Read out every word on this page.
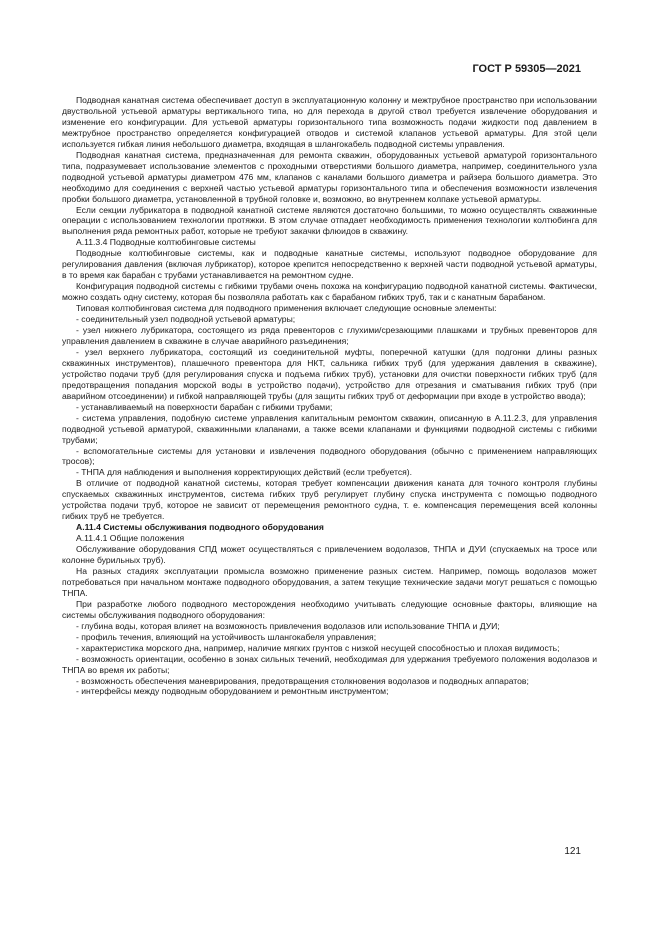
ГОСТ Р 59305—2021

Подводная канатная система обеспечивает доступ в эксплуатационную колонну и межтрубное пространство при использовании двуствольной устьевой арматуры вертикального типа, но для перехода в другой ствол требуется извлечение оборудования и изменение его конфигурации. Для устьевой арматуры горизонтального типа возможность подачи жидкости под давлением в межтрубное пространство определяется конфигурацией отводов и системой клапанов устьевой арматуры. Для этой цели используется гибкая линия небольшого диаметра, входящая в шлангокабель подводной системы управления.

Подводная канатная система, предназначенная для ремонта скважин, оборудованных устьевой арматурой горизонтального типа, подразумевает использование элементов с проходными отверстиями большого диаметра, например, соединительного узла подводной устьевой арматуры диаметром 476 мм, клапанов с каналами большого диаметра и райзера большого диаметра. Это необходимо для соединения с верхней частью устьевой арматуры горизонтального типа и обеспечения возможности извлечения пробки большого диаметра, установленной в трубной головке и, возможно, во внутреннем колпаке устьевой арматуры.

Если секции лубрикатора в подводной канатной системе являются достаточно большими, то можно осуществлять скважинные операции с использованием технологии протяжки. В этом случае отпадает необходимость применения технологии колтюбинга для выполнения ряда ремонтных работ, которые не требуют закачки флюидов в скважину.

А.11.3.4 Подводные колтюбинговые системы

Подводные колтюбинговые системы, как и подводные канатные системы, используют подводное оборудование для регулирования давления (включая лубрикатор), которое крепится непосредственно к верхней части подводной устьевой арматуры, в то время как барабан с трубами устанавливается на ремонтном судне.

Конфигурация подводной системы с гибкими трубами очень похожа на конфигурацию подводной канатной системы. Фактически, можно создать одну систему, которая бы позволяла работать как с барабаном гибких труб, так и с канатным барабаном.

Типовая колтюбинговая система для подводного применения включает следующие основные элементы:

- соединительный узел подводной устьевой арматуры;

- узел нижнего лубрикатора, состоящего из ряда превенторов с глухими/срезающими плашками и трубных превенторов для управления давлением в скважине в случае аварийного разъединения;

- узел верхнего лубрикатора, состоящий из соединительной муфты, поперечной катушки (для подгонки длины разных скважинных инструментов), плашечного превентора для НКТ, сальника гибких труб (для удержания давления в скважине), устройство подачи труб (для регулирования спуска и подъема гибких труб), установки для очистки поверхности гибких труб (для предотвращения попадания морской воды в устройство подачи), устройство для отрезания и сматывания гибких труб (при аварийном отсоединении) и гибкой направляющей трубы (для защиты гибких труб от деформации при входе в устройство ввода);

- устанавливаемый на поверхности барабан с гибкими трубами;

- система управления, подобную системе управления капитальным ремонтом скважин, описанную в А.11.2.3, для управления подводной устьевой арматурой, скважинными клапанами, а также всеми клапанами и функциями подводной системы с гибкими трубами;

- вспомогательные системы для установки и извлечения подводного оборудования (обычно с применением направляющих тросов);

- ТНПА для наблюдения и выполнения корректирующих действий (если требуется).

В отличие от подводной канатной системы, которая требует компенсации движения каната для точного контроля глубины спускаемых скважинных инструментов, система гибких труб регулирует глубину спуска инструмента с помощью подводного устройства подачи труб, которое не зависит от перемещения ремонтного судна, т. е. компенсация перемещения всей колонны гибких труб не требуется.

А.11.4 Системы обслуживания подводного оборудования

А.11.4.1 Общие положения

Обслуживание оборудования СПД может осуществляться с привлечением водолазов, ТНПА и ДУИ (спускаемых на тросе или колонне бурильных труб).

На разных стадиях эксплуатации промысла возможно применение разных систем. Например, помощь водолазов может потребоваться при начальном монтаже подводного оборудования, а затем текущие технические задачи могут решаться с помощью ТНПА.

При разработке любого подводного месторождения необходимо учитывать следующие основные факторы, влияющие на системы обслуживания подводного оборудования:

- глубина воды, которая влияет на возможность привлечения водолазов или использование ТНПА и ДУИ;

- профиль течения, влияющий на устойчивость шлангокабеля управления;

- характеристика морского дна, например, наличие мягких грунтов с низкой несущей способностью и плохая видимость;

- возможность ориентации, особенно в зонах сильных течений, необходимая для удержания требуемого положения водолазов и ТНПА во время их работы;

- возможность обеспечения маневрирования, предотвращения столкновения водолазов и подводных аппаратов;

- интерфейсы между подводным оборудованием и ремонтным инструментом;

121
